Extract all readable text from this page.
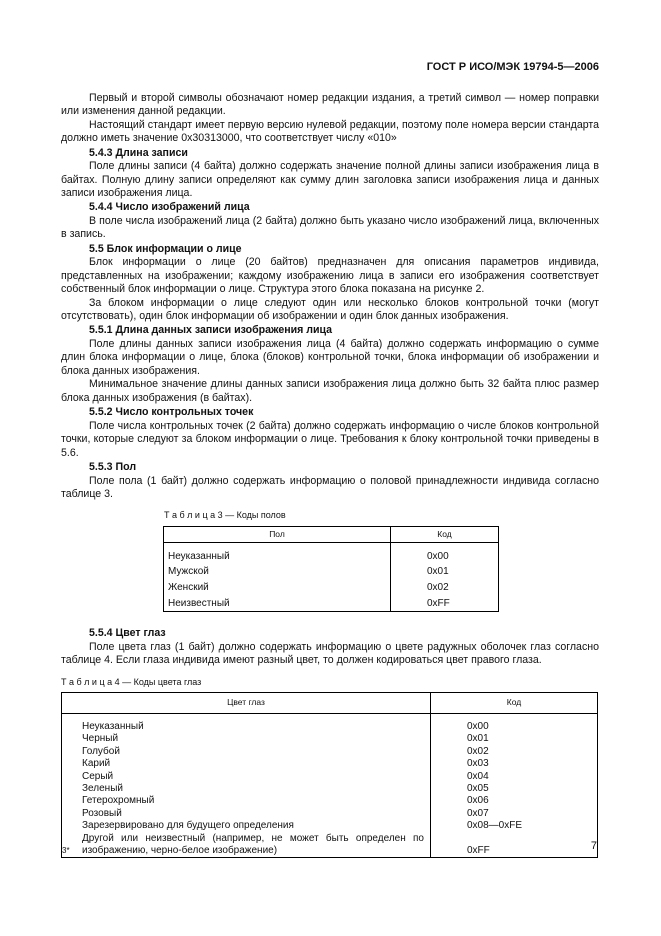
ГОСТ Р ИСО/МЭК 19794-5—2006

Первый и второй символы обозначают номер редакции издания, а третий символ — номер поправки или изменения данной редакции.

Настоящий стандарт имеет первую версию нулевой редакции, поэтому поле номера версии стандарта должно иметь значение 0x30313000, что соответствует числу «010»

5.4.3 Длина записи

Поле длины записи (4 байта) должно содержать значение полной длины записи изображения лица в байтах. Полную длину записи определяют как сумму длин заголовка записи изображения лица и данных записи изображения лица.

5.4.4 Число изображений лица

В поле числа изображений лица (2 байта) должно быть указано число изображений лица, включенных в запись.

5.5 Блок информации о лице

Блок информации о лице (20 байтов) предназначен для описания параметров индивида, представленных на изображении; каждому изображению лица в записи его изображения соответствует собственный блок информации о лице. Структура этого блока показана на рисунке 2.

За блоком информации о лице следуют один или несколько блоков контрольной точки (могут отсутствовать), один блок информации об изображении и один блок данных изображения.

5.5.1 Длина данных записи изображения лица

Поле длины данных записи изображения лица (4 байта) должно содержать информацию о сумме длин блока информации о лице, блока (блоков) контрольной точки, блока информации об изображении и блока данных изображения.

Минимальное значение длины данных записи изображения лица должно быть 32 байта плюс размер блока данных изображения (в байтах).

5.5.2 Число контрольных точек

Поле числа контрольных точек (2 байта) должно содержать информацию о числе блоков контрольной точки, которые следуют за блоком информации о лице. Требования к блоку контрольной точки приведены в 5.6.

5.5.3 Пол

Поле пола (1 байт) должно содержать информацию о половой принадлежности индивида согласно таблице 3.

Т а б л и ц а 3 — Коды полов
Пол	Код

Неуказанный	0x00
Мужской	0x01
Женский	0x02
Неизвестный	0xFF
5.5.4 Цвет глаз

Поле цвета глаз (1 байт) должно содержать информацию о цвете радужных оболочек глаз согласно таблице 4. Если глаза индивида имеют разный цвет, то должен кодироваться цвет правого глаза.

Т а б л и ц а 4 — Коды цвета глаз
Цвет глаз	Код

Неуказанный	0x00
Черный	0x01
Голубой	0x02
Карий	0x03
Серый	0x04
Зеленый	0x05
Гетерохромный	0x06
Розовый	0x07
Зарезервировано для будущего определения	0x08—0xFE
Другой или неизвестный (например, не может быть определен по изображению, черно-белое изображение)	0xFF
3*	7
